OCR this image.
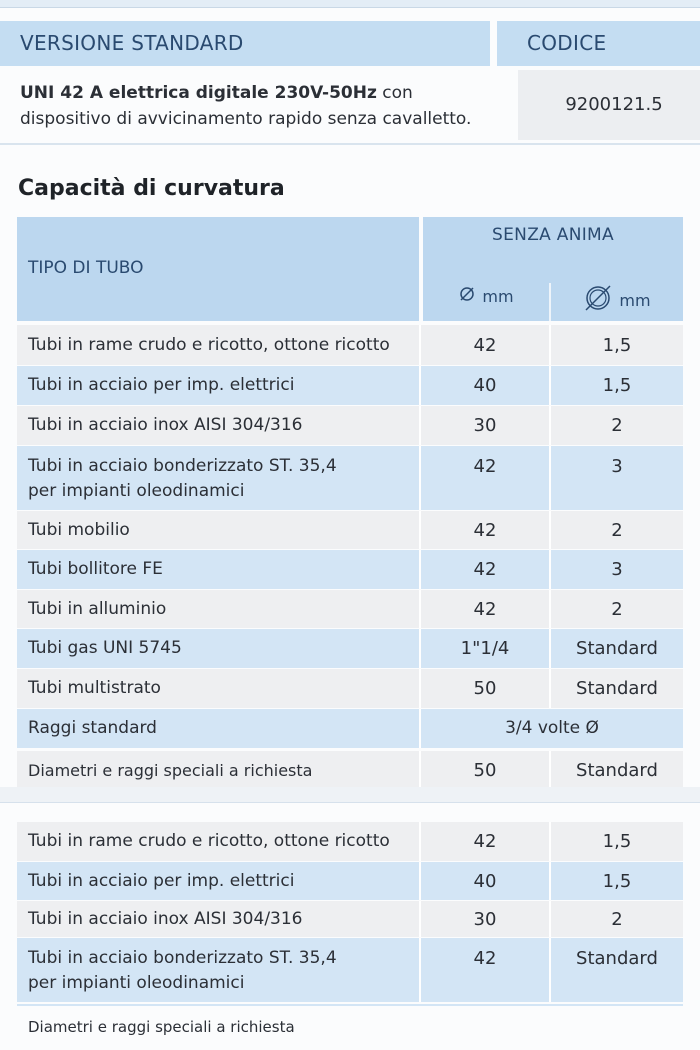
VERSIONE STANDARD	CODICE
UNI 42 A elettrica digitale 230V-50Hz con
dispositivo di avvicinamento rapido senza cavalletto.
9200121.5
Capacità di curvatura
TIPO DI TUBO
SENZA ANIMA
mm	mm
Tubi in rame crudo e ricotto, ottone ricotto	42	1,5
Tubi in acciaio per imp. elettrici	40	1,5
Tubi in acciaio inox AISI 304/316	30	2
Tubi in acciaio bonderizzato ST. 35,4
per impianti oleodinamici
42	3
Tubi mobilio	42	2
Tubi bollitore FE	42	3
Tubi in alluminio	42	2
Tubi gas UNI 5745	1"1/4	Standard
Tubi multistrato	50	Standard
Raggi standard	3/4 volte Ø
Diametri e raggi speciali a richiesta	50	Standard
Tubi in rame crudo e ricotto, ottone ricotto	42	1,5
Tubi in acciaio per imp. elettrici	40	1,5
Tubi in acciaio inox AISI 304/316	30	2
Tubi in acciaio bonderizzato ST. 35,4
per impianti oleodinamici
42	Standard
Diametri e raggi speciali a richiesta
